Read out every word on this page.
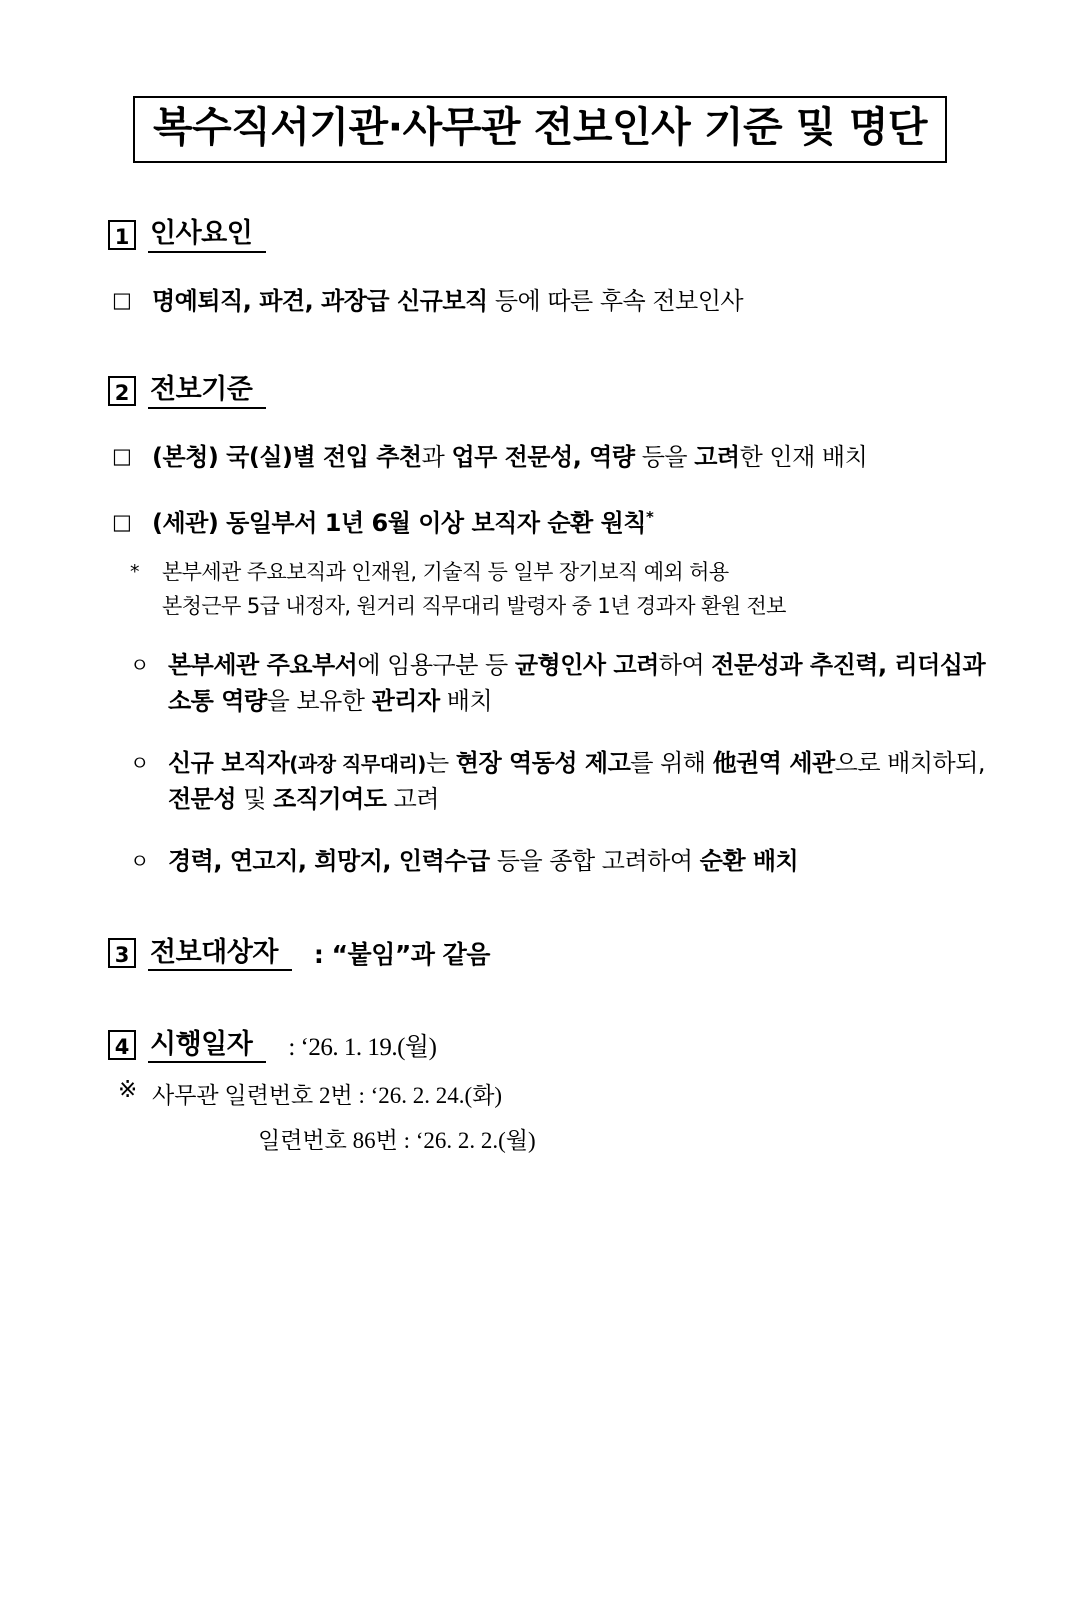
복수직서기관·사무관 전보인사 기준 및 명단
1 인사요인
□
명예퇴직, 파견, 과장급 신규보직 등에 따른 후속 전보인사
2 전보기준
□
(본청) 국(실)별 전입 추천과 업무 전문성, 역량 등을 고려한 인재 배치
□
(세관) 동일부서 1년 6월 이상 보직자 순환 원칙*
*	본부세관 주요보직과 인재원, 기술직 등 일부 장기보직 예외 허용
본청근무 5급 내정자, 원거리 직무대리 발령자 중 1년 경과자 환원 전보
ㅇ 본부세관 주요부서에 임용구분 등 균형인사 고려하여 전문성과 추진력, 리더십과 소통 역량을 보유한 관리자 배치
ㅇ 신규 보직자(과장 직무대리)는 현장 역동성 제고를 위해 他권역 세관으로 배치하되, 전문성 및 조직기여도 고려
ㅇ 경력, 연고지, 희망지, 인력수급 등을 종합 고려하여 순환 배치
3 전보대상자	: “붙임”과 같음
4 시행일자	: ‘26. 1. 19.(월)
※ 사무관 일련번호 2번 : ‘26. 2. 24.(화)
일련번호 86번 : ‘26. 2. 2.(월)
